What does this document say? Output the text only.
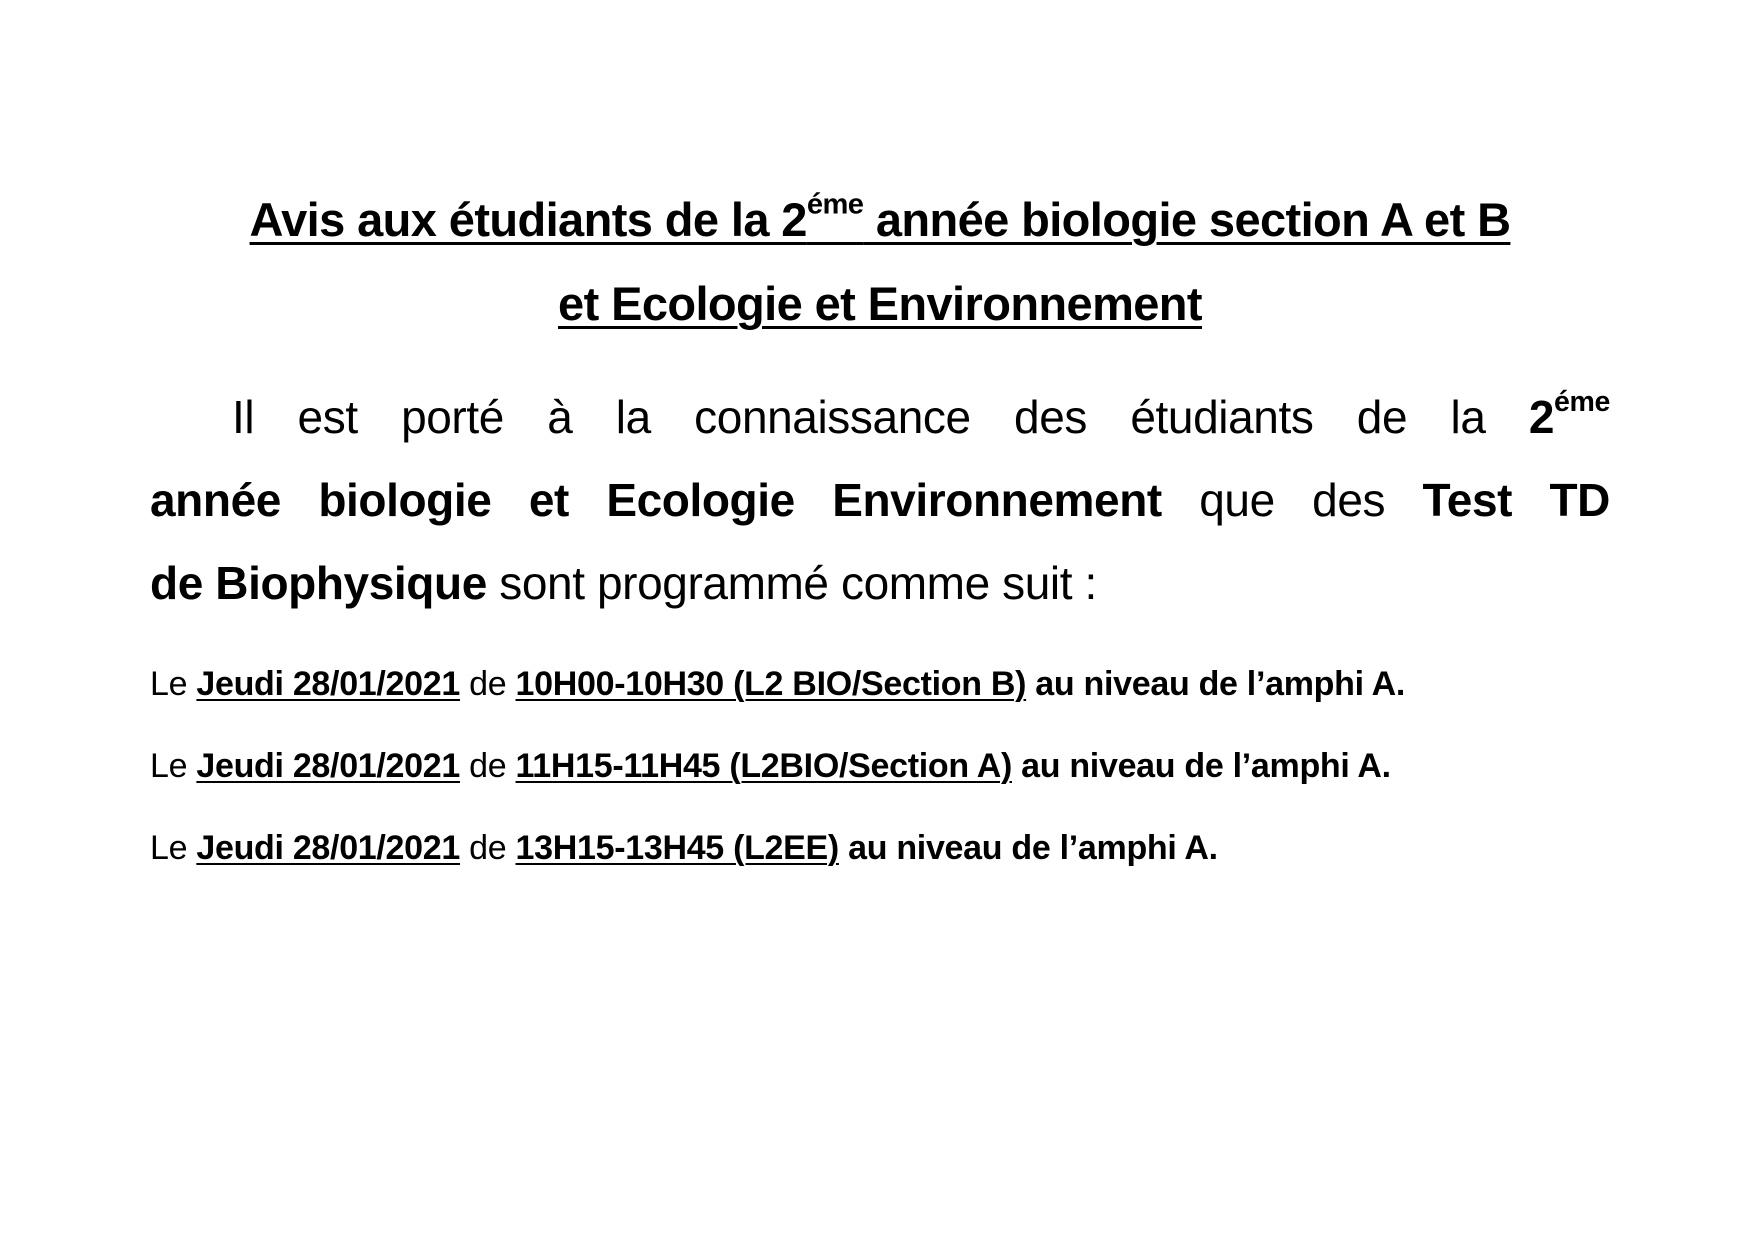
Avis aux étudiants de la $2^{éme}$ année biologie section A et B
et Ecologie et Environnement
Il est porté à la connaissance des étudiants de la $2^{éme}$
année biologie et Ecologie Environnement que des Test TD
de Biophysique sont programmé comme suit :
Le Jeudi 28/01/2021 de 10H00-10H30 (L2 BIO/Section B) au niveau de l’amphi A.
Le Jeudi 28/01/2021 de 11H15-11H45 (L2BIO/Section A) au niveau de l’amphi A.
Le Jeudi 28/01/2021 de 13H15-13H45 (L2EE) au niveau de l’amphi A.
